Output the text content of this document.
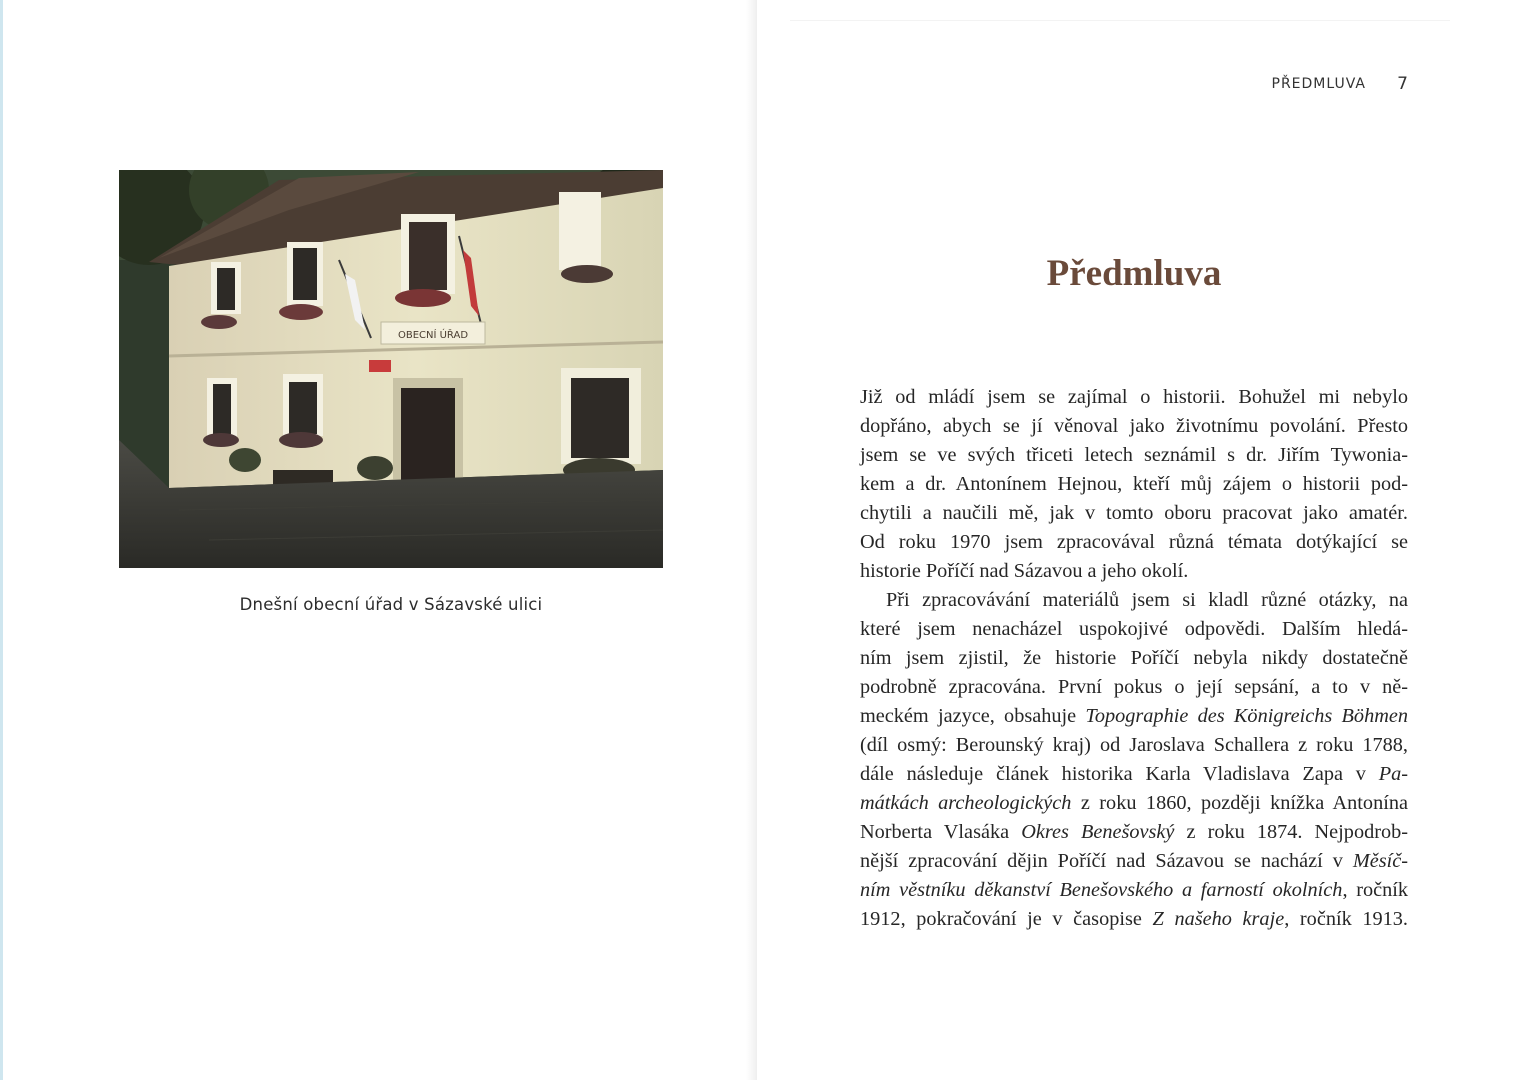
OBECNÍ ÚŘAD
Dnešní obecní úřad v Sázavské ulici
PŘEDMLUVA 7
Předmluva

Již od mládí jsem se zajímal o historii. Bohužel mi nebylo
dopřáno, abych se jí věnoval jako životnímu povolání. Přesto
jsem se ve svých třiceti letech seznámil s dr. Jiřím Tywonia-
kem a dr. Antonínem Hejnou, kteří můj zájem o historii pod-
chytili a naučili mě, jak v tomto oboru pracovat jako amatér.
Od roku 1970 jsem zpracovával různá témata dotýkající se

historie Poříčí nad Sázavou a jeho okolí.

Při zpracovávání materiálů jsem si kladl různé otázky, na

které jsem nenacházel uspokojivé odpovědi. Dalším hledá-
ním jsem zjistil, že historie Poříčí nebyla nikdy dostatečně
podrobně zpracována. První pokus o její sepsání, a to v ně-
meckém jazyce, obsahuje Topographie des Königreichs Böhmen
(díl osmý: Berounský kraj) od Jaroslava Schallera z roku 1788,
dále následuje článek historika Karla Vladislava Zapa v Pa-
mátkách archeologických z roku 1860, později knížka Antonína
Norberta Vlasáka Okres Benešovský z roku 1874. Nejpodrob-
nější zpracování dějin Poříčí nad Sázavou se nachází v Měsíč-
ním věstníku děkanství Benešovského a farností okolních, ročník
1912, pokračování je v časopise Z našeho kraje, ročník 1913.
